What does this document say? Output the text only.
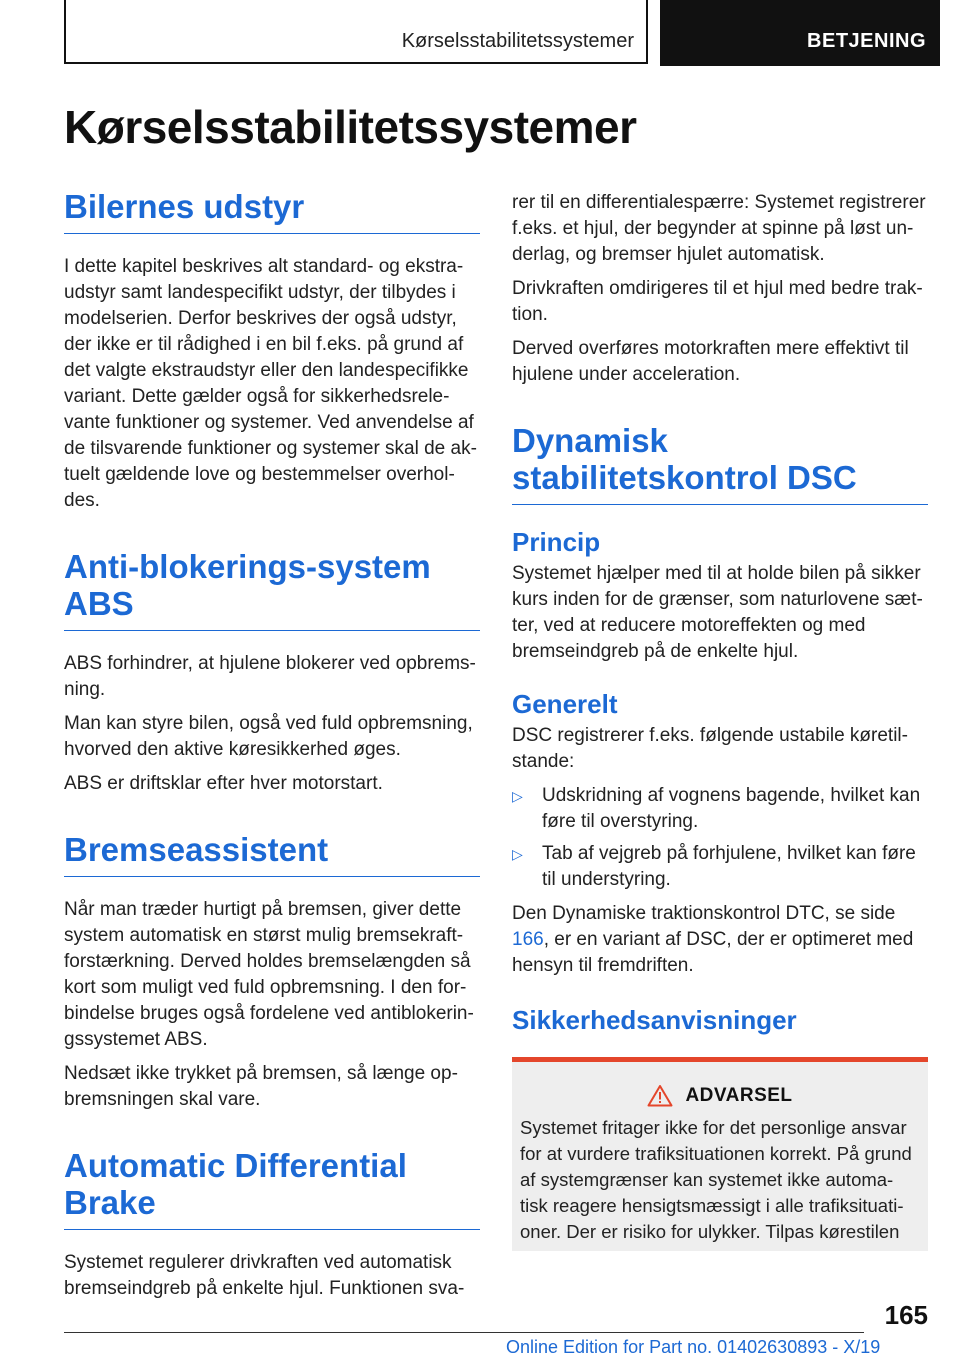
Kørselsstabilitetssystemer	BETJENING
Kørselsstabilitetssystemer
Bilernes udstyr

I dette kapitel beskrives alt standard- og ekstra-udstyr samt landespecifikt udstyr, der tilbydes i modelserien. Derfor beskrives der også udstyr, der ikke er til rådighed i en bil f.eks. på grund af det valgte ekstraudstyr eller den landespecifikke variant. Dette gælder også for sikkerhedsrele-vante funktioner og systemer. Ved anvendelse af de tilsvarende funktioner og systemer skal de ak-tuelt gældende love og bestemmelser overhol-des.

Anti-blokerings-system ABS

ABS forhindrer, at hjulene blokerer ved opbrems-ning.

Man kan styre bilen, også ved fuld opbremsning, hvorved den aktive køresikkerhed øges.

ABS er driftsklar efter hver motorstart.

Bremseassistent

Når man træder hurtigt på bremsen, giver dette system automatisk en størst mulig bremsekraft-forstærkning. Derved holdes bremselængden så kort som muligt ved fuld opbremsning. I den for-bindelse bruges også fordelene ved antiblokerin-gssystemet ABS.

Nedsæt ikke trykket på bremsen, så længe op-bremsningen skal vare.

Automatic Differential Brake

Systemet regulerer drivkraften ved automatisk bremseindgreb på enkelte hjul. Funktionen sva-

rer til en differentialespærre: Systemet registrerer f.eks. et hjul, der begynder at spinne på løst un-derlag, og bremser hjulet automatisk.

Drivkraften omdirigeres til et hjul med bedre trak-tion.

Derved overføres motorkraften mere effektivt til hjulene under acceleration.

Dynamisk stabilitetskontrol DSC
Princip

Systemet hjælper med til at holde bilen på sikker kurs inden for de grænser, som naturlovene sæt-ter, ved at reducere motoreffekten og med bremseindgreb på de enkelte hjul.

Generelt

DSC registrerer f.eks. følgende ustabile køretil-stande:

▷ Udskridning af vognens bagende, hvilket kan føre til overstyring.
▷ Tab af vejgreb på forhjulene, hvilket kan føre til understyring.

Den Dynamiske traktionskontrol DTC, se side 166, er en variant af DSC, der er optimeret med hensyn til fremdriften.

Sikkerhedsanvisninger
ADVARSEL

Systemet fritager ikke for det personlige ansvar for at vurdere trafiksituationen korrekt. På grund af systemgrænser kan systemet ikke automa-tisk reagere hensigtsmæssigt i alle trafiksituati-oner. Der er risiko for ulykker. Tilpas kørestilen

165
Online Edition for Part no. 01402630893 - X/19
